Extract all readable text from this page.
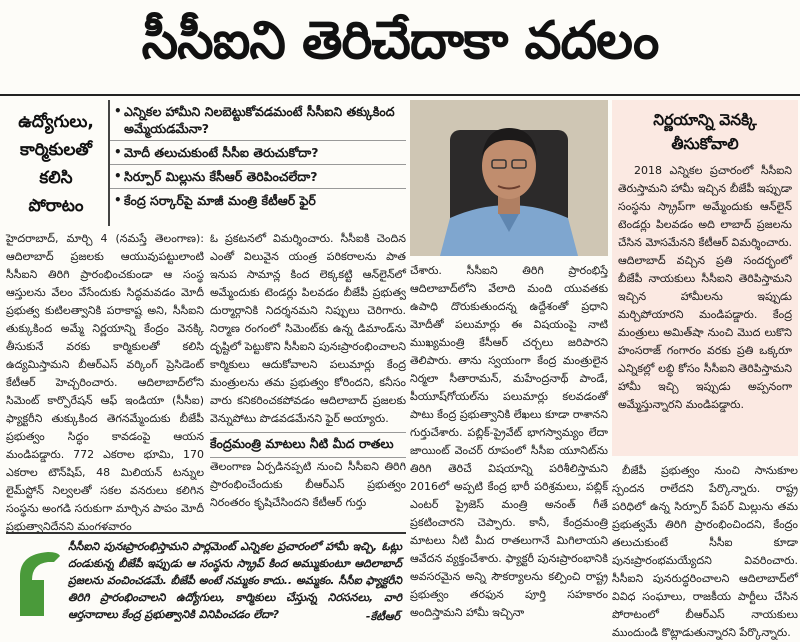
సీసీఐని తెరిచేదాకా వదలం
ఉద్యోగులు,
కార్మికులతో
కలిసి
పోరాటం
• ఎన్నికల హామీని నిలబెట్టుకోవడమంటే సీసీఐని తక్కుకింద అమ్మేయడమేనా?
• మోదీ తలుచుకుంటే సీసీఐ తెరుచుకోదా?
• సిర్పూర్ మిల్లును కేసీఆర్ తెరిపించలేదా?
• కేంద్ర సర్కార్‌పై మాజీ మంత్రి కేటీఆర్ ఫైర్
నిర్ణయాన్ని వెనక్కి తీసుకోవాలి
2018 ఎన్నికల ప్రచారంలో సీసీఐని తెరుస్తామని హామీ ఇచ్చిన బీజేపీ ఇప్పుడా సంస్థను స్క్రాప్‌గా అమ్మేందుకు ఆన్‌లైన్ టెండర్లు పిలవడం అది లాబాద్ ప్రజలను చేసిన మోసమేనని కేటీఆర్ విమర్శించారు. ఆదిలాబాద్ వచ్చిన ప్రతి సందర్భంలో బీజేపీ నాయకులు సీసీఐని తెరిపిస్తామని ఇచ్చిన హామీలను ఇప్పుడు మర్చిపోయారని మండిపడ్డారు. కేంద్ర మంత్రులు అమిత్‌షా నుంచి మొద లుకొని హంసరాజ్ గంగారం వరకు ప్రతి ఒక్కరూ ఎన్నికల్లో లబ్ధి కోసం సీసీఐని తెరిపిస్తామని హామీ ఇచ్చి ఇప్పుడు అప్పనంగా అమ్మేస్తున్నారని మండిపడ్డారు.
బీజేపీ ప్రభుత్వం నుంచి సానుకూల స్పందన రాలేదని పేర్కొన్నారు. రాష్ట్ర పరిధిలో ఉన్న సిర్పూర్ పేపర్ మిల్లును తమ ప్రభుత్వమే తిరిగి ప్రారంభించిందని, కేంద్రం తలుచుకుంటే సీసీఐ కూడా పునఃప్రారంభమయ్యేదని వివరించారు. సీసీఐని పునరుద్ధరించాలని ఆదిలాబాద్‌లో వివిధ సంఘాలు, రాజకీయ పార్టీలు చేసిన పోరాటంలో బీఆర్‌ఎస్ నాయకులు ముందుండి కొట్లాడుతున్నారని పేర్కొన్నారు.
హైదరాబాద్, మార్చి 4 (నమస్తే తెలంగాణ): ఆదిలాబాద్ ప్రజలకు ఆయువుపట్టులాంటి సీసీఐని తిరిగి ప్రారంభించకుండా ఆ సంస్థ ఆస్తులను వేలం వేసేందుకు సిద్ధమవడం మోదీ ప్రభుత్వ కుటిలత్వానికి పరాకాష్ట అని, సీసీఐని తుక్కుకింద అమ్మే నిర్ణయాన్ని కేంద్రం వెనక్కి తీసుకునే వరకు కార్మికులతో కలిసి ఉద్యమిస్తామని బీఆర్‌ఎస్ వర్కింగ్ ప్రెసిడెంట్ కేటీఆర్ హెచ్చరించారు. ఆదిలాబాద్‌లోని సిమెంట్ కార్పొరేషన్ ఆఫ్ ఇండియా (సీసీఐ) ఫ్యాక్టరీని తుక్కుకింద తెగనమ్మేందుకు బీజేపీ ప్రభుత్వం సిద్ధం కావడంపై ఆయన మండిపడ్డారు. 772 ఎకరాల భూమి, 170 ఎకరాల టౌన్‌షిప్, 48 మిలియన్ టన్నుల లైమ్‌స్టోన్ నిల్వలతో సకల వనరులు కలిగిన సంస్థను అంగడి సరుకుగా మార్చిన పాపం మోదీ ప్రభుత్వానిదేనని మంగళవారం
ఓ ప్రకటనలో విమర్శించారు. సీసీఐకి చెందిన ఎంతో విలువైన యంత్ర పరికరాలను పాత ఇనుప సామాన్ల కింద లెక్కకట్టి ఆన్‌లైన్‌లో అమ్మేందుకు టెండర్లు పిలవడం బీజేపీ ప్రభుత్వ దుర్మార్గానికి నిదర్శనమని నిప్పులు చెరిగారు. నిర్మాణ రంగంలో సిమెంట్‌కు ఉన్న డిమాండ్‌ను దృష్టిలో పెట్టుకొని సీసీఐని పునఃప్రారంభించాలని కార్మికులు ఆదుకోవాలని పలుమార్లు కేంద్ర మంత్రులను తమ ప్రభుత్వం కోరిందని, కనీసం వారు కనికరించకపోవడం ఆదిలాబాద్ ప్రజలకు వెన్నుపోటు పొడవడమేనని ఫైర్ అయ్యారు.
కేంద్రమంత్రి మాటలు నీటి మీద రాతలు
తెలంగాణ ఏర్పడినప్పటి నుంచి సీసీఐని తిరిగి ప్రారంభించేందుకు బీఆర్‌ఎస్ ప్రభుత్వం నిరంతరం కృషిచేసిందని కేటీఆర్ గుర్తు
చేశారు. సీసీఐని తిరిగి ప్రారంభిస్తే ఆదిలాబాద్‌లోని వేలాది మంది యువతకు ఉపాధి దొరుకుతుందన్న ఉద్దేశంతో ప్రధాని మోదీతో పలుమార్లు ఈ విషయంపై నాటి ముఖ్యమంత్రి కేసీఆర్ చర్చలు జరిపారని తెలిపారు. తాను స్వయంగా కేంద్ర మంత్రులైన నిర్మలా సీతారామన్, మహేంద్రనాథ్ పాండే, పీయూష్‌గోయల్‌ను పలుమార్లు కలవడంతో పాటు కేంద్ర ప్రభుత్వానికి లేఖలు కూడా రాశానని గుర్తుచేశారు. పబ్లిక్-ప్రైవేట్ భాగస్వామ్యం లేదా జాయింట్ వెంచర్ రూపంలో సీసీఐ యూనిట్‌ను తిరిగి తెరిచే విషయాన్ని పరిశీలిస్తామని 2016లో అప్పటి కేంద్ర భారీ పరిశ్రమలు, పబ్లిక్ ఎంటర్ ప్రైజెస్ మంత్రి అనంత్ గీతే ప్రకటించారని చెప్పారు. కానీ, కేంద్రమంత్రి మాటలు నీటి మీద రాతలుగానే మిగిలాయని ఆవేదన వ్యక్తంచేశారు. ఫ్యాక్టరీ పునఃప్రారంభానికి అవసరమైన అన్ని సౌకర్యాలను కల్పించి రాష్ట్ర ప్రభుత్వం తరఫున పూర్తి సహకారం అందిస్తామని హామీ ఇచ్చినా
సీసీఐని పునఃప్రారంభిస్తామని పార్లమెంట్ ఎన్నికల ప్రచారంలో హామీ ఇచ్చి, ఓట్లు దండుకున్న బీజేపీ ఇప్పుడు ఆ సంస్థను స్క్రాప్ కింద అమ్ముకుంటూ ఆదిలాబాద్ ప్రజలను వంచించడమే. బీజేపీ అంటే నమ్మకం కాదు.. అమ్మకం. సీసీఐ ఫ్యాక్టరీని తిరిగి ప్రారంభించాలని ఉద్యోగులు, కార్మికులు చేస్తున్న నిరసనలు, వారి ఆర్తనాదాలు కేంద్ర ప్రభుత్వానికి వినిపించడం లేదా?	-కేటీఆర్
